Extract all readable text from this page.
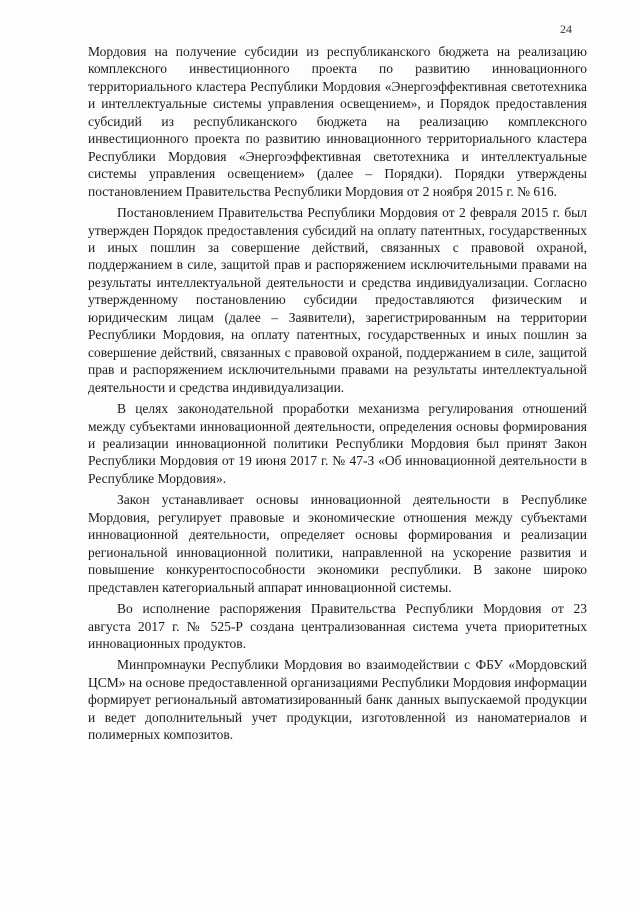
24

Мордовия на получение субсидии из республиканского бюджета на реализацию комплексного инвестиционного проекта по развитию инновационного территориального кластера Республики Мордовия «Энергоэффективная светотехника и интеллектуальные системы управления освещением», и Порядок предоставления субсидий из республиканского бюджета на реализацию комплексного инвестиционного проекта по развитию инновационного территориального кластера Республики Мордовия «Энергоэффективная светотехника и интеллектуальные системы управления освещением» (далее – Порядки). Порядки утверждены постановлением Правительства Республики Мордовия от 2 ноября 2015 г. № 616.

Постановлением Правительства Республики Мордовия от 2 февраля 2015 г. был утвержден Порядок предоставления субсидий на оплату патентных, государственных и иных пошлин за совершение действий, связанных с правовой охраной, поддержанием в силе, защитой прав и распоряжением исключительными правами на результаты интеллектуальной деятельности и средства индивидуализации. Согласно утвержденному постановлению субсидии предоставляются физическим и юридическим лицам (далее – Заявители), зарегистрированным на территории Республики Мордовия, на оплату патентных, государственных и иных пошлин за совершение действий, связанных с правовой охраной, поддержанием в силе, защитой прав и распоряжением исключительными правами на результаты интеллектуальной деятельности и средства индивидуализации.

В целях законодательной проработки механизма регулирования отношений между субъектами инновационной деятельности, определения основы формирования и реализации инновационной политики Республики Мордовия был принят Закон Республики Мордовия от 19 июня 2017 г. № 47-З «Об инновационной деятельности в Республике Мордовия».

Закон устанавливает основы инновационной деятельности в Республике Мордовия, регулирует правовые и экономические отношения между субъектами инновационной деятельности, определяет основы формирования и реализации региональной инновационной политики, направленной на ускорение развития и повышение конкурентоспособности экономики республики. В законе широко представлен категориальный аппарат инновационной системы.

Во исполнение распоряжения Правительства Республики Мордовия от 23 августа 2017 г. № 525-Р создана централизованная система учета приоритетных инновационных продуктов.

Минпромнауки Республики Мордовия во взаимодействии с ФБУ «Мордовский ЦСМ» на основе предоставленной организациями Республики Мордовия информации формирует региональный автоматизированный банк данных выпускаемой продукции и ведет дополнительный учет продукции, изготовленной из наноматериалов и полимерных композитов.
